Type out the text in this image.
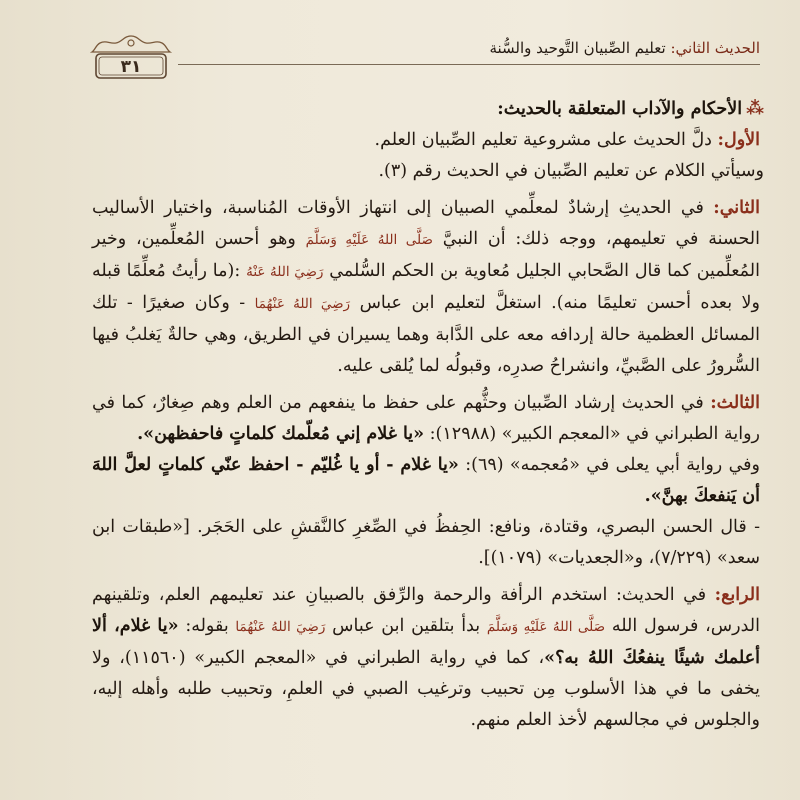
٣١
الحديث الثاني: تعليم الصِّبيان التَّوحيد والسُّنة

⁂الأحكام والآداب المتعلقة بالحديث:

الأول: دلَّ الحديث على مشروعية تعليم الصِّبيان العلم.

وسيأتي الكلام عن تعليم الصِّبيان في الحديث رقم (٣).

الثاني: في الحديثِ إرشادٌ لمعلِّمي الصبيان إلى انتهاز الأوقات المُناسبة، واختيار الأساليب الحسنة في تعليمهم، ووجه ذلك: أن النبيَّ صَلَّى اللهُ عَلَيْهِ وَسَلَّمَ وهو أحسن المُعلِّمين، وخير المُعلِّمين كما قال الصَّحابي الجليل مُعاوية بن الحكم السُّلمي رَضِيَ اللهُ عَنْهُ :(ما رأيتُ مُعلِّمًا قبله ولا بعده أحسن تعليمًا منه). استغلَّ لتعليم ابن عباس رَضِيَ اللهُ عَنْهُمَا - وكان صغيرًا - تلك المسائل العظمية حالة إردافه معه على الدَّابة وهما يسيران في الطريق، وهي حالةٌ يَغلبُ فيها السُّرورُ على الصَّبيِّ، وانشراحُ صدرِه، وقبولُه لما يُلقى عليه.

الثالث: في الحديث إرشاد الصِّبيان وحثُّهم على حفظ ما ينفعهم من العلم وهم صِغارٌ، كما في رواية الطبراني في «المعجم الكبير» (١٢٩٨٨): «يا غلام إني مُعلّمك كلماتٍ فاحفظهن».

وفي رواية أبي يعلى في «مُعجمه» (٦٩): «يا غلام - أو يا غُليّم - احفظ عنّي كلماتٍ لعلَّ اللهَ أن يَنفعكَ بهنَّ».

- قال الحسن البصري، وقتادة، ونافع: الحِفظُ في الصِّغرِ كالنَّقشِ على الحَجَر. [«طبقات ابن سعد» (٧/٢٢٩)، و«الجعديات» (١٠٧٩)].

الرابع: في الحديث: استخدم الرأفة والرحمة والرِّفق بالصبيانِ عند تعليمهم العلم، وتلقينهم الدرس، فرسول الله صَلَّى اللهُ عَلَيْهِ وَسَلَّمَ بدأ بتلقين ابن عباس رَضِيَ اللهُ عَنْهُمَا بقوله: «يا غلام، ألا أعلمك شيئًا ينفعُكَ اللهُ به؟»، كما في رواية الطبراني في «المعجم الكبير» (١١٥٦٠)، ولا يخفى ما في هذا الأسلوب مِن تحبيب وترغيب الصبي في العلمِ، وتحبيب طلبه وأهله إليه، والجلوس في مجالسهم لأخذ العلم منهم.
